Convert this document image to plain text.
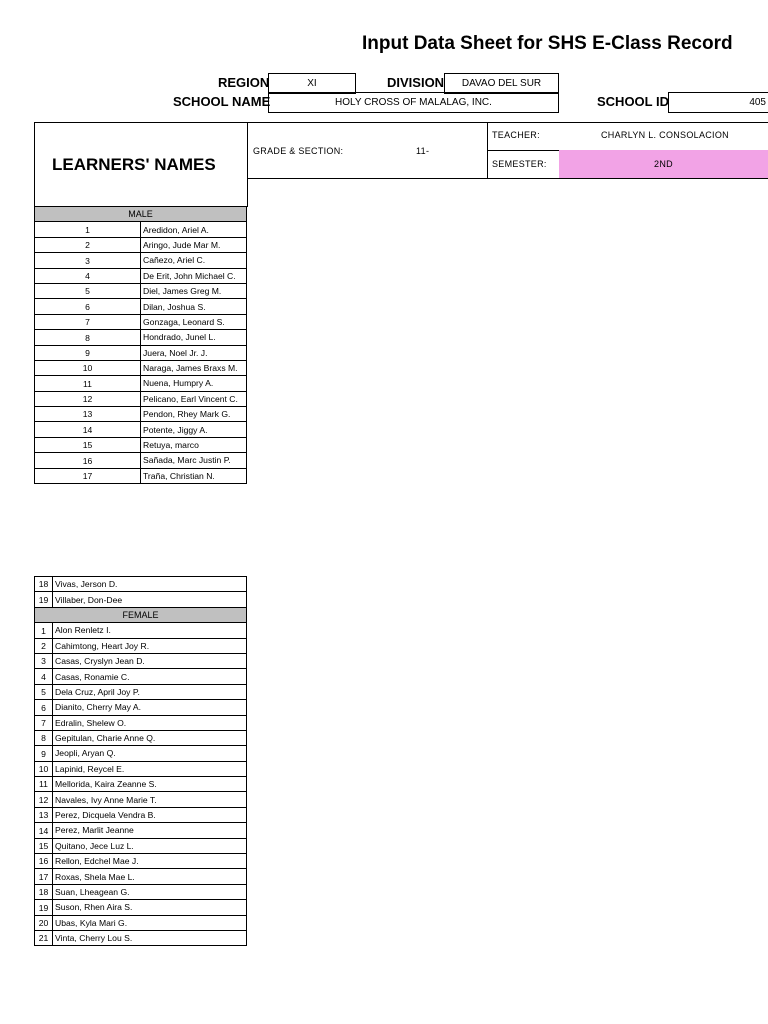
Input Data Sheet for SHS E-Class Record
REGION	XI	DIVISION	DAVAO DEL SUR
SCHOOL NAME	HOLY CROSS OF MALALAG, INC.	SCHOOL ID	405
LEARNERS' NAMES
GRADE & SECTION:	11-
TEACHER:	CHARLYN L. CONSOLACION
SEMESTER:	2ND
MALE	
1	Aredidon, Ariel A.
2	Aringo, Jude Mar M.
3	Cañezo, Ariel C.
4	De Erit, John Michael C.
5	Diel, James Greg M.
6	Dilan, Joshua S.
7	Gonzaga, Leonard S.
8	Hondrado, Junel L.
9	Juera, Noel Jr. J.
10	Naraga, James Braxs M.
11	Nuena, Humpry A.
12	Pelicano, Earl Vincent C.
13	Pendon, Rhey Mark G.
14	Potente, Jiggy A.
15	Retuya, marco
16	Sañada, Marc Justin P.
17	Traña, Christian N.
18	Vivas, Jerson D.
19	Villaber, Don-Dee
FEMALE	
1	Alon Renletz I.
2	Cahimtong, Heart Joy R.
3	Casas, Cryslyn Jean D.
4	Casas, Ronamie C.
5	Dela Cruz, April Joy P.
6	Dianito, Cherry May A.
7	Edralin, Shelew O.
8	Gepitulan, Charie Anne Q.
9	Jeopli, Aryan Q.
10	Lapinid, Reycel E.
11	Mellorida, Kaira Zeanne S.
12	Navales, Ivy Anne Marie T.
13	Perez, Dicquela Vendra B.
14	Perez, Marlit Jeanne
15	Quitano, Jece Luz L.
16	Rellon, Edchel Mae J.
17	Roxas, Shela Mae L.
18	Suan, Lheagean G.
19	Suson, Rhen Aira S.
20	Ubas, Kyla Mari G.
21	Vinta, Cherry Lou S.
